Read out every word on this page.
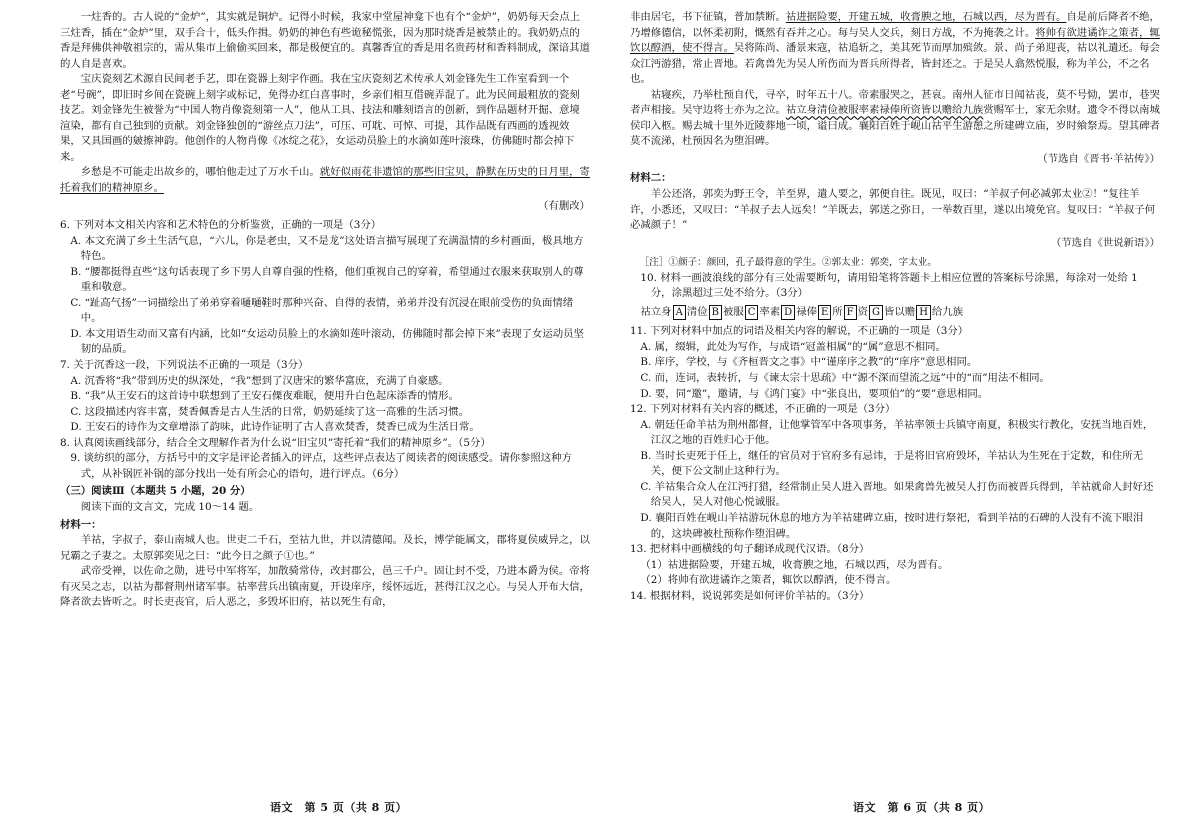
一炷香的。古人说的“金炉”，其实就是铜炉。记得小时候，我家中堂屋神龛下也有个“金炉”，奶奶每天会点上三炷香，插在“金炉”里，双手合十，低头作揖。奶奶的神色有些诡秘慌张，因为那时烧香是被禁止的。我奶奶点的香是拜佛供神敬祖宗的，需从集市上偷偷买回来，都是极便宜的。真馨香宜的香是用名贵药材和香料制成，深谙其道的人自是喜欢。

宝庆瓷刻艺术源自民间老手艺，即在瓷器上刻字作画。我在宝庆瓷刻艺术传承人刘金锋先生工作室看到一个老“号碗”，即旧时乡间在瓷碗上刻字或标记，免得办红白喜事时，乡亲们相互借碗弄混了。此为民间最粗放的瓷刻技艺。刘金锋先生被誉为“中国人物肖像瓷刻第一人”，他从工具、技法和雕刻语言的创新，到作品题材开掘、意境渲染，都有自己独到的贡献。刘金锋独创的“游丝点刀法”，可压、可耽、可悼、可提，其作品既有西画的透视效果，又具国画的皴擦神韵。他创作的人物肖像《冰绽之花》，女运动员脸上的水滴如莲叶滚珠，仿佛随时都会掉下来。

乡愁是不可能走出故乡的，哪怕他走过了万水千山。就好似雨花非遗馆的那些旧宝贝，静默在历史的日月里，寄托着我们的精神原乡。

（有删改）

6. 下列对本文相关内容和艺术特色的分析鉴赏，正确的一项是（3分）

A. 本文充满了乡土生活气息，“六儿，你是老虫，又不是龙”这处语言描写展现了充满温情的乡村画面，极具地方特色。

B. “腰都挺得直些”这句话表现了乡下男人自尊自强的性格，他们重视自己的穿着，希望通过衣服来获取别人的尊重和敬意。

C. “趾高气扬”一词描绘出了弟弟穿着嗵嗵鞋时那种兴奋、自得的表情，弟弟并没有沉浸在眼前受伤的负面情绪中。

D. 本文用语生动而又富有内涵，比如“女运动员脸上的水滴如莲叶滚动，仿佛随时都会掉下来”表现了女运动员坚韧的品质。

7. 关于沉香这一段，下列说法不正确的一项是（3分）

A. 沉香将“我”带到历史的纵深处，“我”想到了汉唐宋的繁华富庶，充满了自豪感。

B. “我”从王安石的这首诗中联想到了王安石傈夜难眠，便用升白色起床添香的情形。

C. 这段描述内容丰富，焚香佩香是古人生活的日常，奶奶延续了这一高雅的生活习惯。

D. 王安石的诗作为文章增添了韵味，此诗作证明了古人喜欢焚香，焚香已成为生活日常。

8. 认真阅读画线部分，结合全文理解作者为什么说“旧宝贝”寄托着“我们的精神原乡”。（5分）

9. 谈纺织的部分，方括号中的文字是评论者插入的评点，这些评点表达了阅读者的阅读感受。请你参照这种方式，从补锅匠补锅的部分找出一处有所会心的语句，进行评点。（6分）

（三）阅读Ⅲ（本题共 5 小题，20 分）

阅读下面的文言文，完成 10～14 题。

材料一：

羊祜，字叔子，泰山南城人也。世吏二千石，至祜九世，并以清德闻。及长，博学能属文，郡将夏侯威异之，以兄霸之子妻之。太原郭奕见之曰：“此今日之颜子①也。”

武帝受禅，以佐命之勋，进号中军将军，加散骑常侍，改封郡公，邑三千户。固让封不受，乃进本爵为侯。帝将有灭吴之志，以祜为都督荆州诸军事。祜率营兵出镇南夏，开设庠序，绥怀远近，甚得江汉之心。与吴人开布大信，降者欲去皆听之。时长吏丧官，后人恶之，多毁坏旧府，祜以死生有命，

语文　第 5 页（共 8 页）

非由居宅，书下征镇，普加禁断。祜进据险要，开建五城，收膏腴之地，石城以西，尽为晋有。自是前后降者不绝，乃增修德信，以怀柔初附，慨然有吞并之心。每与吴人交兵，刻日方战，不为掩袭之计。将帅有欲进谲诈之策者，辄饮以醇酒，使不得言。吴将陈尚、潘景来寇，祜追斩之，美其死节而厚加殡敛。景、尚子弟迎丧，祜以礼遣还。每会众江沔游猎，常止晋地。若禽兽先为吴人所伤而为晋兵所得者，皆封还之。于是吴人翕然悦服，称为羊公，不之名也。

祜寝疾，乃举杜预自代，寻卒，时年五十八。帝素服哭之，甚哀。南州人征市日闻祜丧，莫不号恸，罢市，巷哭者声相接。吴守边将士亦为之泣。祜立身清俭被服率素禄俸所资皆以赡给九族赏赐军士，家无余财。遗令不得以南城侯印入柩。赐去城十里外近陵葬地一顷，谥曰成。襄阳百姓于岘山祜平生游憩之所建碑立庙，岁时飨祭焉。望其碑者莫不流涕，杜预因名为堕泪碑。

（节选自《晋书·羊祜传》）

材料二：

羊公还洛，郭奕为野王令，羊至界，遣人要之，郭便自往。既见，叹曰：“羊叔子何必减郭太业②！”复往羊许，小悉还，又叹曰：“羊叔子去人远矣！”羊既去，郭送之弥日，一举数百里，遂以出境免官。复叹曰：“羊叔子何必减颜子！”

（节选自《世说新语》）

［注］①颜子：颜回，孔子最得意的学生。②郭太业：郭奕，字太业。

10. 材料一画波浪线的部分有三处需要断句，请用铅笔将答题卡上相应位置的答案标号涂黑，每涂对一处给 1 分，涂黑超过三处不给分。（3分）

祜立身 A 清俭 B 被服 C 率素 D 禄俸 E 所 F 资 G 皆以赡 H 给九族

11. 下列对材料中加点的词语及相关内容的解说，不正确的一项是（3分）

A. 属，缀辑，此处为写作，与成语“冠盖相属”的“属”意思不相同。

B. 庠序，学校，与《齐桓晋文之事》中“谨庠序之教”的“庠序”意思相同。

C. 而，连词，表转折，与《谏太宗十思疏》中“源不深而望流之远”中的“而”用法不相同。

D. 要，同“邀”，邀请，与《鸿门宴》中“张良出，要项伯”的“要”意思相同。

12. 下列对材料有关内容的概述，不正确的一项是（3分）

A. 朝廷任命羊祜为荆州都督，让他掌管军中各项事务，羊祜率领士兵镇守南夏，积极实行教化，安抚当地百姓，江汉之地的百姓归心于他。

B. 当时长吏死于任上，继任的官员对于官府多有忌讳，于是将旧官府毁坏，羊祜认为生死在于定数，和住所无关，便下公文制止这种行为。

C. 羊祜集合众人在江沔打猎，经常制止吴人进入晋地。如果禽兽先被吴人打伤而被晋兵得到，羊祜就命人封好还给吴人，吴人对他心悦诚服。

D. 襄阳百姓在岘山羊祜游玩休息的地方为羊祜建碑立庙，按时进行祭祀，看到羊祜的石碑的人没有不流下眼泪的，这块碑被杜预称作堕泪碑。

13. 把材料中画横线的句子翻译成现代汉语。（8分）

（1）祜进据险要，开建五城，收膏腴之地，石城以西，尽为晋有。

（2）将帅有欲进谲诈之策者，辄饮以醇酒，使不得言。

14. 根据材料，说说郭奕是如何评价羊祜的。（3分）

语文　第 6 页（共 8 页）
